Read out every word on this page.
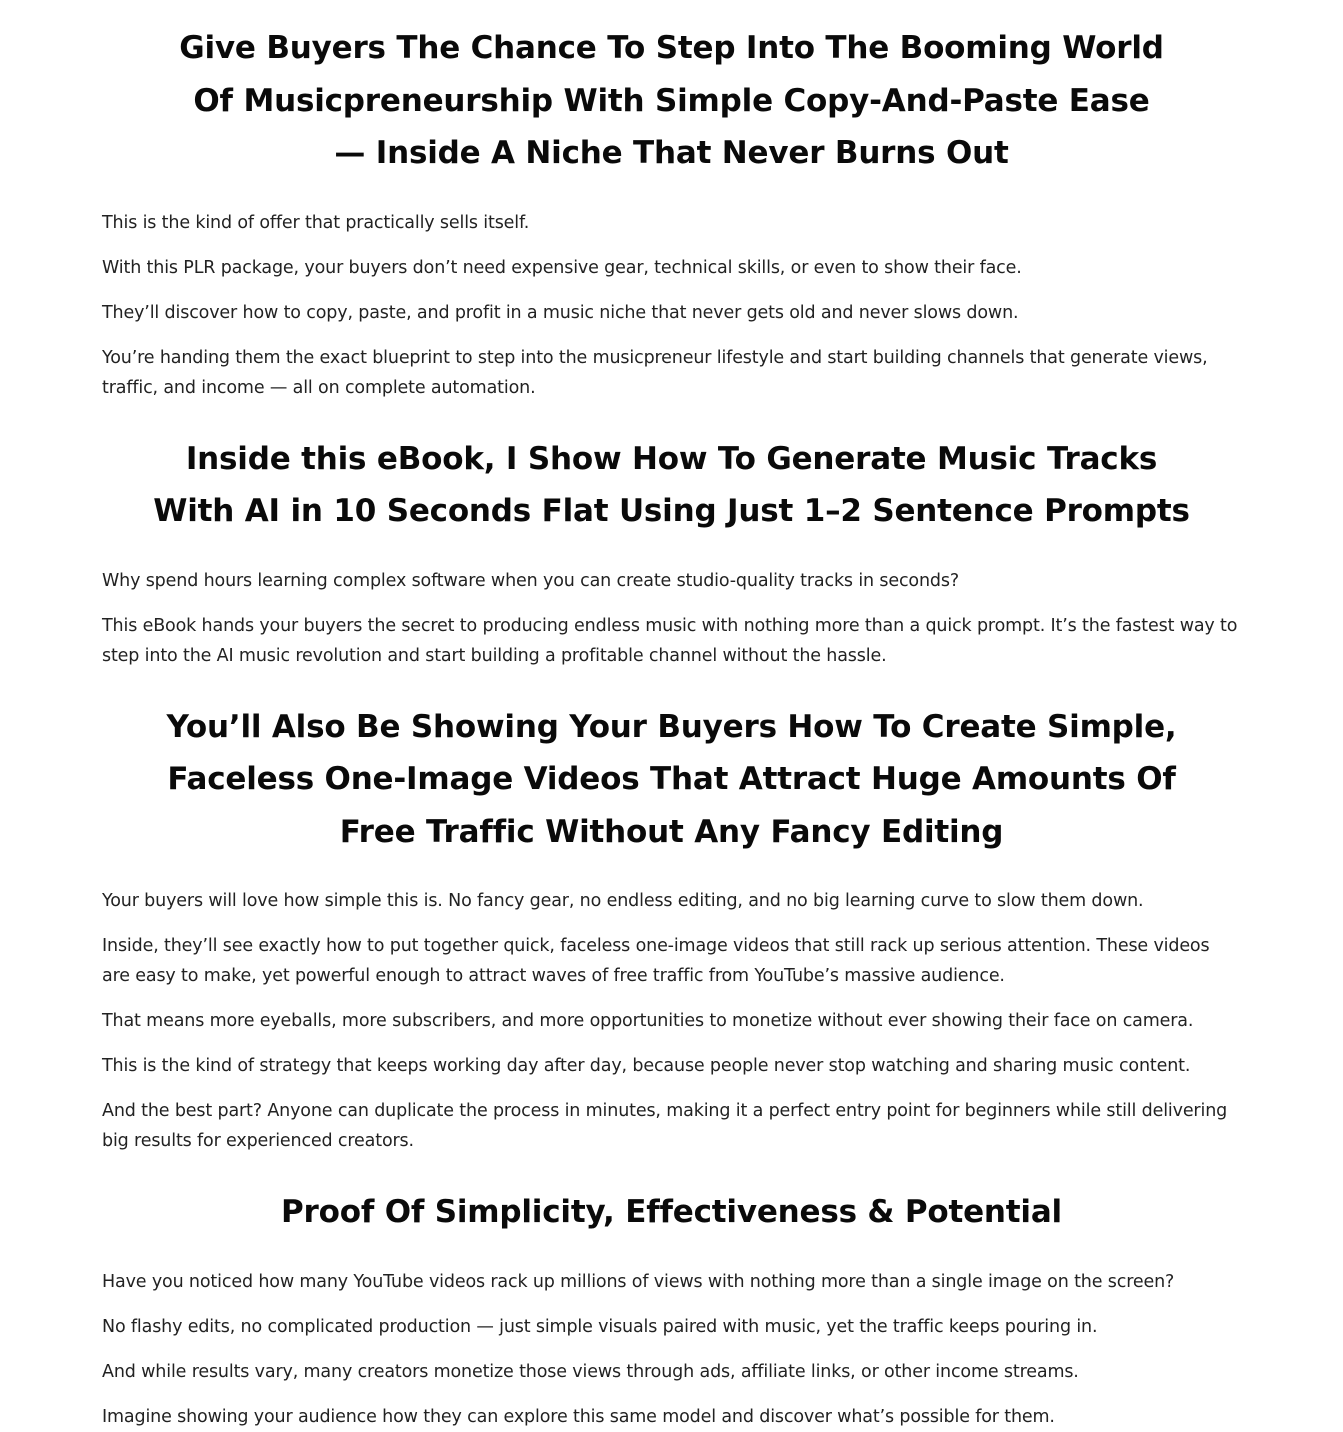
Give Buyers The Chance To Step Into The Booming World
Of Musicpreneurship With Simple Copy-And-Paste Ease
— Inside A Niche That Never Burns Out

This is the kind of offer that practically sells itself.

With this PLR package, your buyers don’t need expensive gear, technical skills, or even to show their face.

They’ll discover how to copy, paste, and profit in a music niche that never gets old and never slows down.

You’re handing them the exact blueprint to step into the musicpreneur lifestyle and start building channels that generate views, traffic, and income — all on complete automation.

Inside this eBook, I Show How To Generate Music Tracks
With AI in 10 Seconds Flat Using Just 1–2 Sentence Prompts

Why spend hours learning complex software when you can create studio-quality tracks in seconds?

This eBook hands your buyers the secret to producing endless music with nothing more than a quick prompt. It’s the fastest way to step into the AI music revolution and start building a profitable channel without the hassle.

You’ll Also Be Showing Your Buyers How To Create Simple,
Faceless One-Image Videos That Attract Huge Amounts Of
Free Traffic Without Any Fancy Editing

Your buyers will love how simple this is. No fancy gear, no endless editing, and no big learning curve to slow them down.

Inside, they’ll see exactly how to put together quick, faceless one-image videos that still rack up serious attention. These videos are easy to make, yet powerful enough to attract waves of free traffic from YouTube’s massive audience.

That means more eyeballs, more subscribers, and more opportunities to monetize without ever showing their face on camera.

This is the kind of strategy that keeps working day after day, because people never stop watching and sharing music content.

And the best part? Anyone can duplicate the process in minutes, making it a perfect entry point for beginners while still delivering big results for experienced creators.

Proof Of Simplicity, Effectiveness & Potential

Have you noticed how many YouTube videos rack up millions of views with nothing more than a single image on the screen?

No flashy edits, no complicated production — just simple visuals paired with music, yet the traffic keeps pouring in.

And while results vary, many creators monetize those views through ads, affiliate links, or other income streams.

Imagine showing your audience how they can explore this same model and discover what’s possible for them.
